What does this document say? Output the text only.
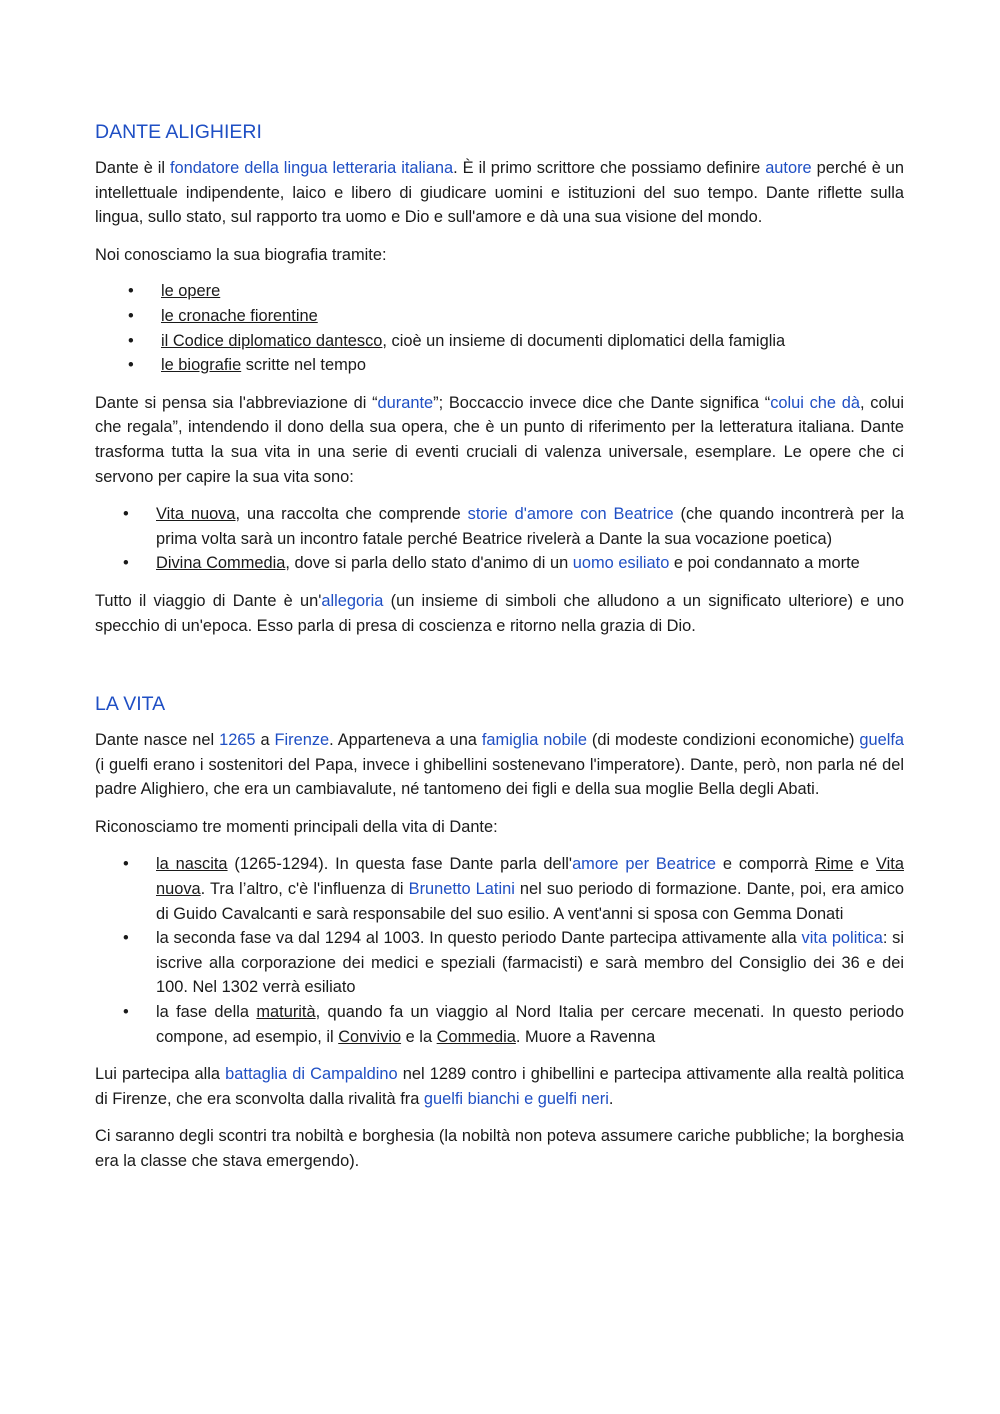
DANTE ALIGHIERI

Dante è il fondatore della lingua letteraria italiana. È il primo scrittore che possiamo definire autore perché è un intellettuale indipendente, laico e libero di giudicare uomini e istituzioni del suo tempo. Dante riflette sulla lingua, sullo stato, sul rapporto tra uomo e Dio e sull'amore e dà una sua visione del mondo.

Noi conosciamo la sua biografia tramite:

• le opere
• le cronache fiorentine
• il Codice diplomatico dantesco, cioè un insieme di documenti diplomatici della famiglia
• le biografie scritte nel tempo

Dante si pensa sia l'abbreviazione di “durante”; Boccaccio invece dice che Dante significa “colui che dà, colui che regala”, intendendo il dono della sua opera, che è un punto di riferimento per la letteratura italiana. Dante trasforma tutta la sua vita in una serie di eventi cruciali di valenza universale, esemplare. Le opere che ci servono per capire la sua vita sono:

• Vita nuova, una raccolta che comprende storie d'amore con Beatrice (che quando incontrerà per la prima volta sarà un incontro fatale perché Beatrice rivelerà a Dante la sua vocazione poetica)
• Divina Commedia, dove si parla dello stato d'animo di un uomo esiliato e poi condannato a morte

Tutto il viaggio di Dante è un'allegoria (un insieme di simboli che alludono a un significato ulteriore) e uno specchio di un'epoca. Esso parla di presa di coscienza e ritorno nella grazia di Dio.

LA VITA

Dante nasce nel 1265 a Firenze. Apparteneva a una famiglia nobile (di modeste condizioni economiche) guelfa (i guelfi erano i sostenitori del Papa, invece i ghibellini sostenevano l'imperatore). Dante, però, non parla né del padre Alighiero, che era un cambiavalute, né tantomeno dei figli e della sua moglie Bella degli Abati.

Riconosciamo tre momenti principali della vita di Dante:

• la nascita (1265-1294). In questa fase Dante parla dell'amore per Beatrice e comporrà Rime e Vita nuova. Tra l’altro, c'è l'influenza di Brunetto Latini nel suo periodo di formazione. Dante, poi, era amico di Guido Cavalcanti e sarà responsabile del suo esilio. A vent'anni si sposa con Gemma Donati
• la seconda fase va dal 1294 al 1003. In questo periodo Dante partecipa attivamente alla vita politica: si iscrive alla corporazione dei medici e speziali (farmacisti) e sarà membro del Consiglio dei 36 e dei 100. Nel 1302 verrà esiliato
• la fase della maturità, quando fa un viaggio al Nord Italia per cercare mecenati. In questo periodo compone, ad esempio, il Convivio e la Commedia. Muore a Ravenna

Lui partecipa alla battaglia di Campaldino nel 1289 contro i ghibellini e partecipa attivamente alla realtà politica di Firenze, che era sconvolta dalla rivalità fra guelfi bianchi e guelfi neri.

Ci saranno degli scontri tra nobiltà e borghesia (la nobiltà non poteva assumere cariche pubbliche; la borghesia era la classe che stava emergendo).
